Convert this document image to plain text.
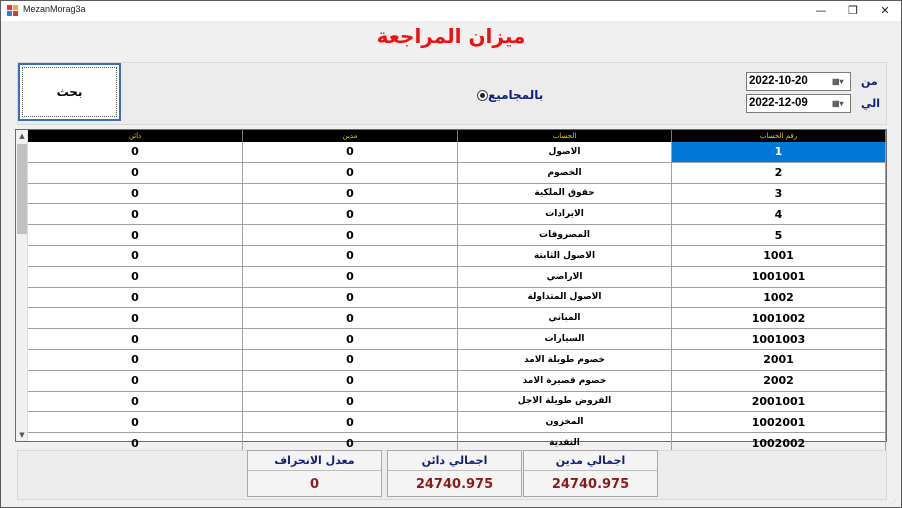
MezanMorag3a	—	❐	✕
ميزان المراجعة
بحث	بالمجاميع
2022-10-20	▦▾ من
2022-12-09	▦▾ الي
▲
▼
دائن	مدين	الحساب	رقم الحساب
0	0	الاصول	1
0	0	الخصوم	2
0	0	حقوق الملكية	3
0	0	الايرادات	4
0	0	المصروفات	5
0	0	الاصول الثابتة	1001
0	0	الاراضي	1001001
0	0	الاصول المتداولة	1002
0	0	المباني	1001002
0	0	السيارات	1001003
0	0	خصوم طويلة الامد	2001
0	0	خصوم قصيرة الامد	2002
0	0	القروض طويلة الاجل	2001001
0	0	المخزون	1002001
0	0	النقدية	1002002
معدل الانحراف
0
اجمالي دائن
24740.975
اجمالي مدين
24740.975
⋰
